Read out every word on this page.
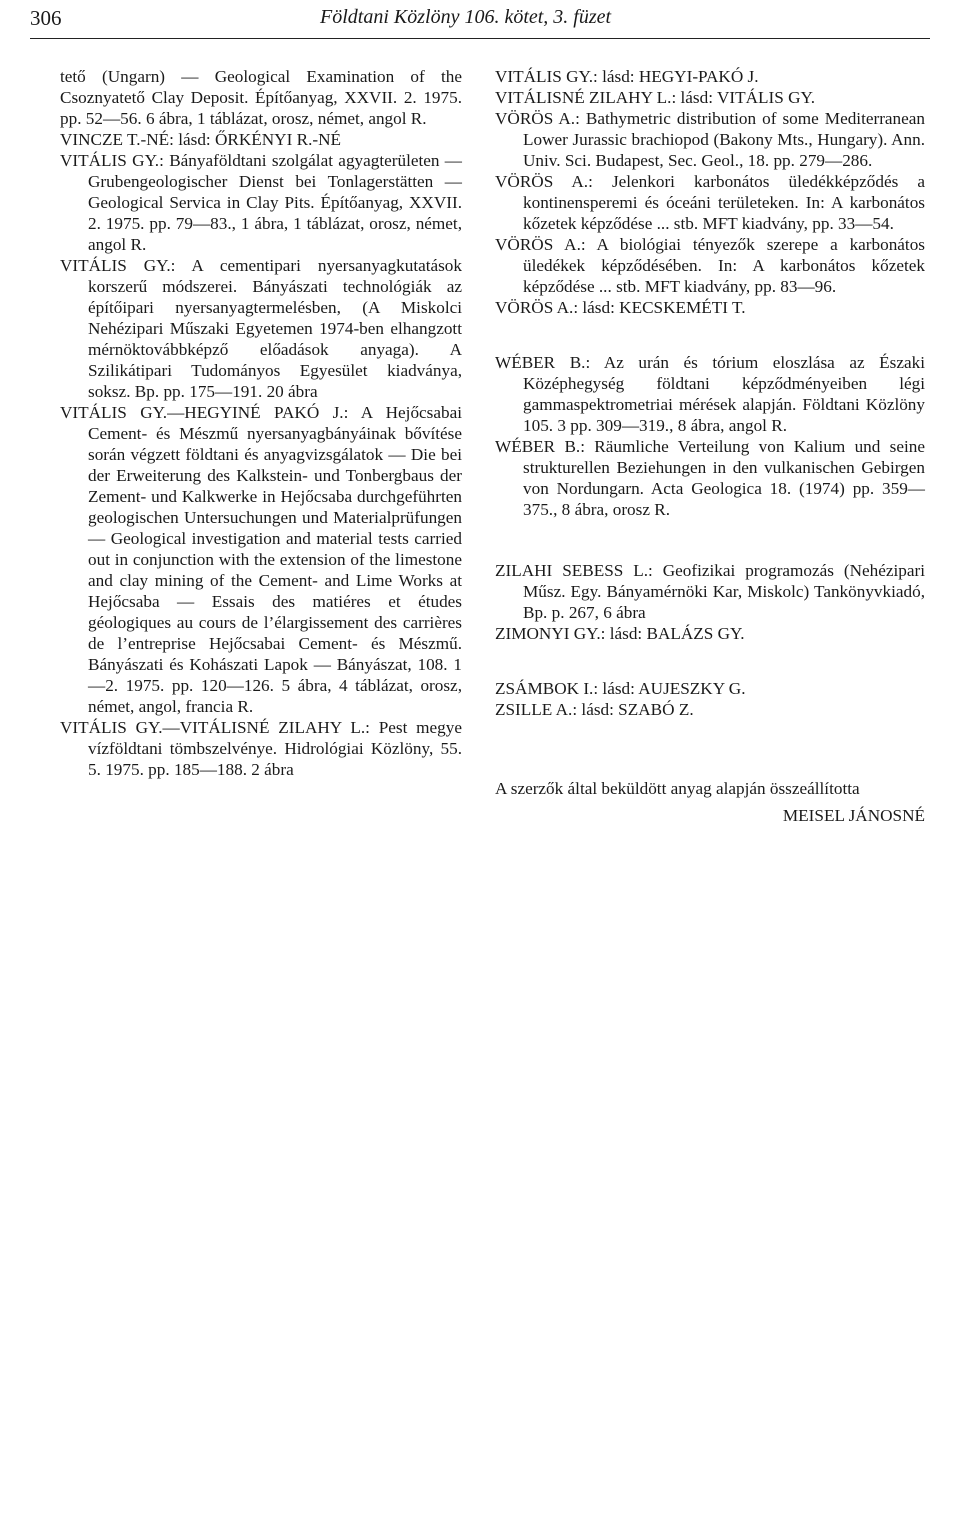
306	Földtani Közlöny 106. kötet, 3. füzet

tető (Ungarn) — Geological Examination of the Csoznyatető Clay Deposit. Építőanyag, XXVII. 2. 1975. pp. 52—56. 6 ábra, 1 táblázat, orosz, német, angol R.

VINCZE T.-NÉ: lásd: ŐRKÉNYI R.-NÉ

VITÁLIS GY.: Bányaföldtani szolgálat agyagterületen — Grubengeologischer Dienst bei Tonlagerstätten — Geological Servica in Clay Pits. Építőanyag, XXVII. 2. 1975. pp. 79—83., 1 ábra, 1 táblázat, orosz, német, angol R.

VITÁLIS GY.: A cementipari nyersanyagkutatások korszerű módszerei. Bányászati technológiák az építőipari nyersanyagtermelésben, (A Miskolci Nehézipari Műszaki Egyetemen 1974-ben elhangzott mérnöktovábbképző előadások anyaga). A Szilikátipari Tudományos Egyesület kiadványa, soksz. Bp. pp. 175—191. 20 ábra

VITÁLIS GY.—HEGYINÉ PAKÓ J.: A Hejőcsabai Cement- és Mészmű nyersanyagbányáinak bővítése során végzett földtani és anyagvizsgálatok — Die bei der Erweiterung des Kalkstein- und Tonbergbaus der Zement- und Kalkwerke in Hejőcsaba durchgeführten geologischen Untersuchungen und Materialprüfungen — Geological investigation and material tests carried out in conjunction with the extension of the limestone and clay mining of the Cement- and Lime Works at Hejőcsaba — Essais des matiéres et études géologiques au cours de l’élargissement des carrières de l’entreprise Hejőcsabai Cement- és Mészmű. Bányászati és Kohászati Lapok — Bányászat, 108. 1—2. 1975. pp. 120—126. 5 ábra, 4 táblázat, orosz, német, angol, francia R.

VITÁLIS GY.—VITÁLISNÉ ZILAHY L.: Pest megye vízföldtani tömbszelvénye. Hidrológiai Közlöny, 55. 5. 1975. pp. 185—188. 2 ábra

VITÁLIS GY.: lásd: HEGYI-PAKÓ J.

VITÁLISNÉ ZILAHY L.: lásd: VITÁLIS GY.

VÖRÖS A.: Bathymetric distribution of some Mediterranean Lower Jurassic brachiopod (Bakony Mts., Hungary). Ann. Univ. Sci. Budapest, Sec. Geol., 18. pp. 279—286.

VÖRÖS A.: Jelenkori karbonátos üledékképződés a kontinensperemi és óceáni területeken. In: A karbonátos kőzetek képződése ... stb. MFT kiadvány, pp. 33—54.

VÖRÖS A.: A biológiai tényezők szerepe a karbonátos üledékek képződésében. In: A karbonátos kőzetek képződése ... stb. MFT kiadvány, pp. 83—96.

VÖRÖS A.: lásd: KECSKEMÉTI T.

WÉBER B.: Az urán és tórium eloszlása az Északi Középhegység földtani képződményeiben légi gammaspektrometriai mérések alapján. Földtani Közlöny 105. 3 pp. 309—319., 8 ábra, angol R.

WÉBER B.: Räumliche Verteilung von Kalium und seine strukturellen Beziehungen in den vulkanischen Gebirgen von Nordungarn. Acta Geologica 18. (1974) pp. 359—375., 8 ábra, orosz R.

ZILAHI SEBESS L.: Geofizikai programozás (Nehézipari Műsz. Egy. Bányamérnöki Kar, Miskolc) Tankönyvkiadó, Bp. p. 267, 6 ábra

ZIMONYI GY.: lásd: BALÁZS GY.

ZSÁMBOK I.: lásd: AUJESZKY G.

ZSILLE A.: lásd: SZABÓ Z.

A szerzők által beküldött anyag alapján összeállította

MEISEL JÁNOSNÉ
